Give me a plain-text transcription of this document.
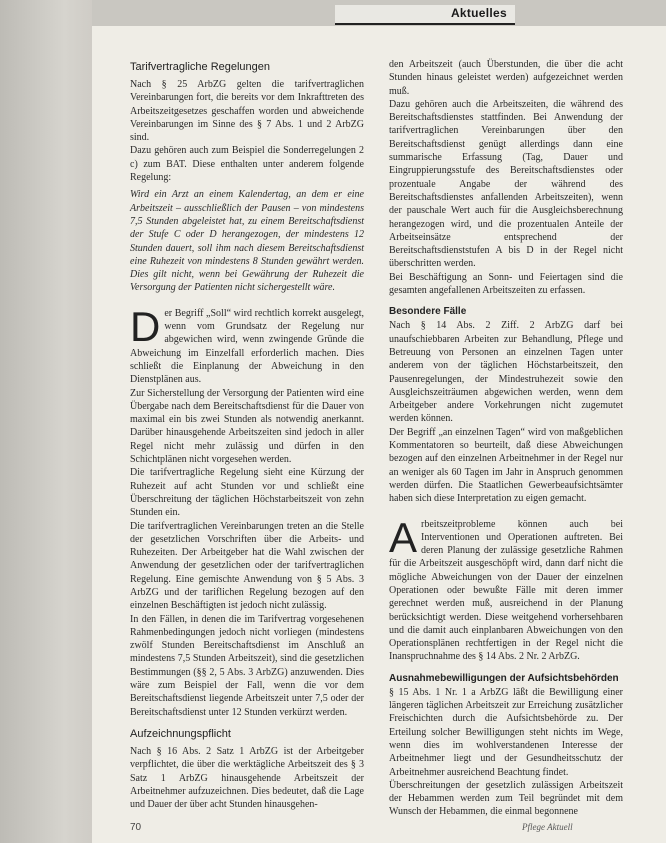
Aktuelles
Tarifvertragliche Regelungen

Nach § 25 ArbZG gelten die tarifvertraglichen Vereinbarungen fort, die bereits vor dem Inkrafttreten des Arbeitszeitgesetzes geschaffen worden und abweichende Vereinbarungen im Sinne des § 7 Abs. 1 und 2 ArbZG sind.

Dazu gehören auch zum Beispiel die Sonderregelungen 2 c) zum BAT. Diese enthalten unter anderem folgende Regelung:

Wird ein Arzt an einem Kalendertag, an dem er eine Arbeitszeit – ausschließlich der Pausen – von mindestens 7,5 Stunden abgeleistet hat, zu einem Bereitschaftsdienst der Stufe C oder D herangezogen, der mindestens 12 Stunden dauert, soll ihm nach diesem Bereitschaftsdienst eine Ruhezeit von mindestens 8 Stunden gewährt werden. Dies gilt nicht, wenn bei Gewährung der Ruhezeit die Versorgung der Patienten nicht sichergestellt wäre.

Der Begriff „Soll“ wird rechtlich korrekt ausgelegt, wenn vom Grundsatz der Regelung nur abgewichen wird, wenn zwingende Gründe die Abweichung im Einzelfall erforderlich machen. Dies schließt die Einplanung der Abweichung in den Dienstplänen aus.

Zur Sicherstellung der Versorgung der Patienten wird eine Übergabe nach dem Bereitschaftsdienst für die Dauer von maximal ein bis zwei Stunden als notwendig anerkannt. Darüber hinausgehende Arbeitszeiten sind jedoch in aller Regel nicht mehr zulässig und dürfen in den Schichtplänen nicht vorgesehen werden.

Die tarifvertragliche Regelung sieht eine Kürzung der Ruhezeit auf acht Stunden vor und schließt eine Überschreitung der täglichen Höchstarbeitszeit von zehn Stunden ein.

Die tarifvertraglichen Vereinbarungen treten an die Stelle der gesetzlichen Vorschriften über die Arbeits- und Ruhezeiten. Der Arbeitgeber hat die Wahl zwischen der Anwendung der gesetzlichen oder der tarifvertraglichen Regelung. Eine gemischte Anwendung von § 5 Abs. 3 ArbZG und der tariflichen Regelung bezogen auf den einzelnen Beschäftigten ist jedoch nicht zulässig.

In den Fällen, in denen die im Tarifvertrag vorgesehenen Rahmenbedingungen jedoch nicht vorliegen (mindestens zwölf Stunden Bereitschaftsdienst im Anschluß an mindestens 7,5 Stunden Arbeitszeit), sind die gesetzlichen Bestimmungen (§§ 2, 5 Abs. 3 ArbZG) anzuwenden. Dies wäre zum Beispiel der Fall, wenn die vor dem Bereitschaftsdienst liegende Arbeitszeit unter 7,5 oder der Bereitschaftsdienst unter 12 Stunden verkürzt werden.

Aufzeichnungspflicht

Nach § 16 Abs. 2 Satz 1 ArbZG ist der Arbeitgeber verpflichtet, die über die werktägliche Arbeitszeit des § 3 Satz 1 ArbZG hinausgehende Arbeitszeit der Arbeitnehmer aufzuzeichnen. Dies bedeutet, daß die Lage und Dauer der über acht Stunden hinausgehen-

den Arbeitszeit (auch Überstunden, die über die acht Stunden hinaus geleistet werden) aufgezeichnet werden muß.

Dazu gehören auch die Arbeitszeiten, die während des Bereitschaftsdienstes stattfinden. Bei Anwendung der tarifvertraglichen Vereinbarungen über den Bereitschaftsdienst genügt allerdings dann eine summarische Erfassung (Tag, Dauer und Eingruppierungsstufe des Bereitschaftsdienstes oder prozentuale Angabe der während des Bereitschaftsdienstes anfallenden Arbeitszeiten), wenn der pauschale Wert auch für die Ausgleichsberechnung herangezogen wird, und die prozentualen Anteile der Arbeitseinsätze entsprechend der Bereitschaftsdienststufen A bis D in der Regel nicht überschritten werden.

Bei Beschäftigung an Sonn- und Feiertagen sind die gesamten angefallenen Arbeitszeiten zu erfassen.

Besondere Fälle

Nach § 14 Abs. 2 Ziff. 2 ArbZG darf bei unaufschiebbaren Arbeiten zur Behandlung, Pflege und Betreuung von Personen an einzelnen Tagen unter anderem von der täglichen Höchstarbeitszeit, den Pausenregelungen, der Mindestruhezeit sowie den Ausgleichszeiträumen abgewichen werden, wenn dem Arbeitgeber andere Vorkehrungen nicht zugemutet werden können.

Der Begriff „an einzelnen Tagen“ wird von maßgeblichen Kommentatoren so beurteilt, daß diese Abweichungen bezogen auf den einzelnen Arbeitnehmer in der Regel nur an weniger als 60 Tagen im Jahr in Anspruch genommen werden dürfen. Die Staatlichen Gewerbeaufsichtsämter haben sich diese Interpretation zu eigen gemacht.

Arbeitszeitprobleme können auch bei Interventionen und Operationen auftreten. Bei deren Planung der zulässige gesetzliche Rahmen für die Arbeitszeit ausgeschöpft wird, dann darf nicht die mögliche Abweichungen von der Dauer der einzelnen Operationen oder bewußte Fälle mit deren immer gerechnet werden muß, ausreichend in der Planung berücksichtigt werden. Diese weitgehend vorhersehbaren und die damit auch einplanbaren Abweichungen von den Operationsplänen rechtfertigen in der Regel nicht die Inanspruchnahme des § 14 Abs. 2 Nr. 2 ArbZG.

Ausnahmebewilligungen der Aufsichtsbehörden

§ 15 Abs. 1 Nr. 1 a ArbZG läßt die Bewilligung einer längeren täglichen Arbeitszeit zur Erreichung zusätzlicher Freischichten durch die Aufsichtsbehörde zu. Der Erteilung solcher Bewilligungen steht nichts im Wege, wenn dies im wohlverstandenen Interesse der Arbeitnehmer liegt und der Gesundheitsschutz der Arbeitnehmer ausreichend Beachtung findet.

Überschreitungen der gesetzlich zulässigen Arbeitszeit der Hebammen werden zum Teil begründet mit dem Wunsch der Hebammen, die einmal begonnene

70	Pflege Aktuell
